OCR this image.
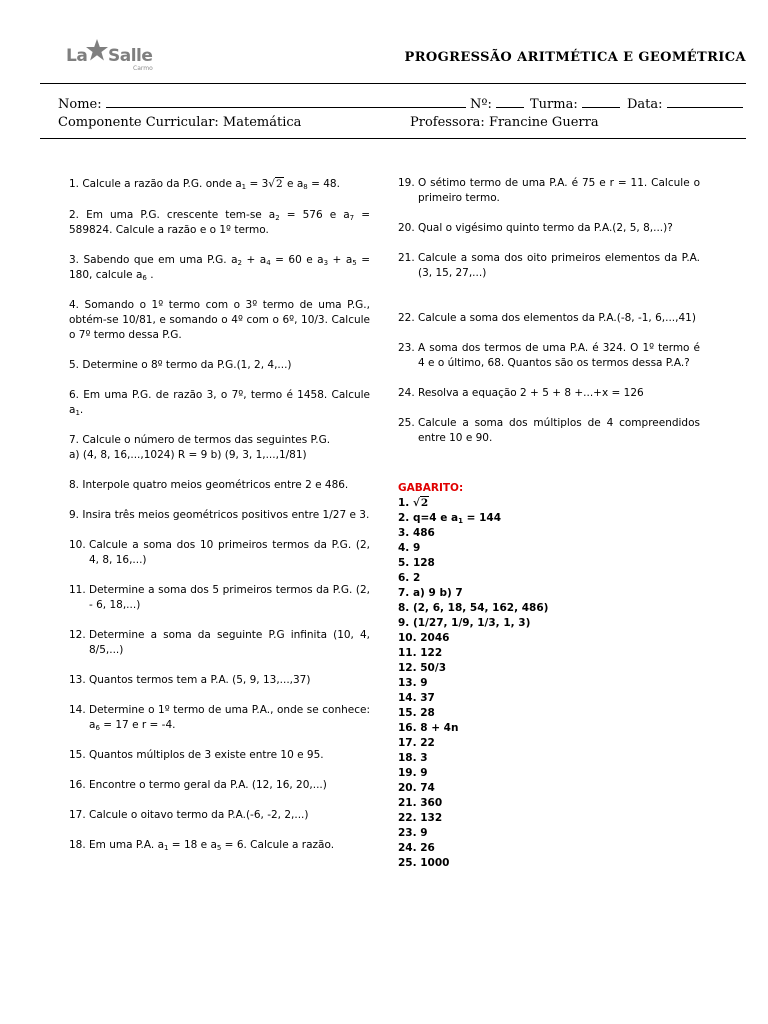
La Salle
Carmo
PROGRESSÃO ARITMÉTICA E GEOMÉTRICA
Nome:	Nº:	Turma:	Data:
Componente Curricular: Matemática	Professora: Francine Guerra

1. Calcule a razão da P.G. onde $a_1 = 3√2$ e $a_8 = 48$.

2. Em uma P.G. crescente tem-se $a_2 = 576$ e $a_7 = 589824$. Calcule a razão e o 1º termo.

3. Sabendo que em uma P.G. $a_2 + a_4 = 60$ e $a_3 + a_5 = 180$, calcule $a_6$ .

4. Somando o 1º termo com o 3º termo de uma P.G., obtém-se 10/81, e somando o 4º com o 6º, 10/3. Calcule o 7º termo dessa P.G.

5. Determine o 8º termo da P.G.(1, 2, 4,...)

6. Em uma P.G. de razão 3, o 7º, termo é 1458. Calcule $a_1$.

7. Calcule o número de termos das seguintes P.G.

a) (4, 8, 16,...,1024) R = 9 b) (9, 3, 1,...,1/81)

8. Interpole quatro meios geométricos entre 2 e 486.

9. Insira três meios geométricos positivos entre 1/27 e 3.

10. Calcule a soma dos 10 primeiros termos da P.G. (2, 4, 8, 16,...)

11. Determine a soma dos 5 primeiros termos da P.G. (2, - 6, 18,...)

12. Determine a soma da seguinte P.G infinita (10, 4, 8/5,...)

13. Quantos termos tem a P.A. (5, 9, 13,...,37)

14. Determine o 1º termo de uma P.A., onde se conhece: $a_6 = 17$ e r = -4.

15. Quantos múltiplos de 3 existe entre 10 e 95.

16. Encontre o termo geral da P.A. (12, 16, 20,...)

17. Calcule o oitavo termo da P.A.(-6, -2, 2,...)

18. Em uma P.A. $a_1 = 18$ e $a_5 = 6$. Calcule a razão.

19. O sétimo termo de uma P.A. é 75 e r = 11. Calcule o primeiro termo.

20. Qual o vigésimo quinto termo da P.A.(2, 5, 8,...)?

21. Calcule a soma dos oito primeiros elementos da P.A.(3, 15, 27,...)

22. Calcule a soma dos elementos da P.A.(-8, -1, 6,...,41)

23. A soma dos termos de uma P.A. é 324. O 1º termo é 4 e o último, 68. Quantos são os termos dessa P.A.?

24. Resolva a equação 2 + 5 + 8 +...+x = 126

25. Calcule a soma dos múltiplos de 4 compreendidos entre 10 e 90.

GABARITO:
1. √2
2. q=4 e $a_1 = 144$
3. 486
4. 9
5. 128
6. 2
7. a) 9 b) 7
8. (2, 6, 18, 54, 162, 486)
9. (1/27, 1/9, 1/3, 1, 3)
10. 2046
11. 122
12. 50/3
13. 9
14. 37
15. 28
16. 8 + 4n
17. 22
18. 3
19. 9
20. 74
21. 360
22. 132
23. 9
24. 26
25. 1000
